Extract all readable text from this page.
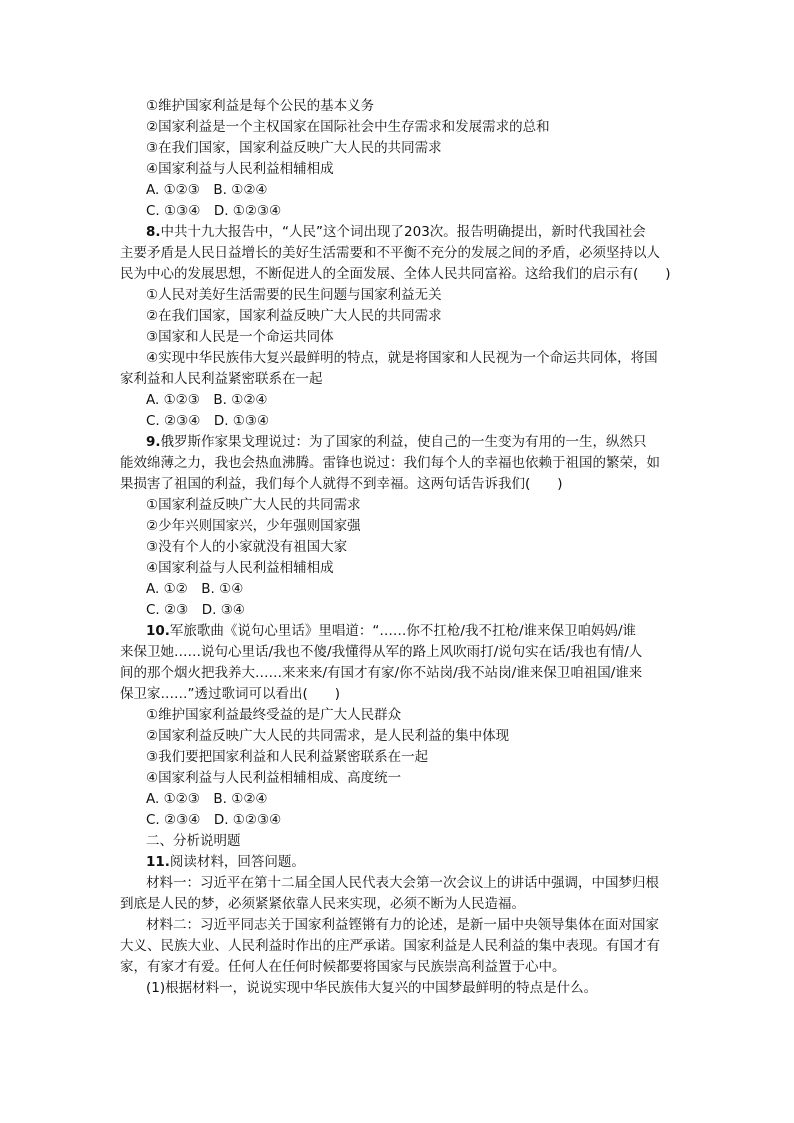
①维护国家利益是每个公民的基本义务
②国家利益是一个主权国家在国际社会中生存需求和发展需求的总和
③在我们国家，国家利益反映广大人民的共同需求
④国家利益与人民利益相辅相成
A. ①②③　B. ①②④
C. ①③④　D. ①②③④
8.中共十九大报告中，“人民”这个词出现了203次。报告明确提出，新时代我国社会
主要矛盾是人民日益增长的美好生活需要和不平衡不充分的发展之间的矛盾，必须坚持以人
民为中心的发展思想，不断促进人的全面发展、全体人民共同富裕。这给我们的启示有(　　)
①人民对美好生活需要的民生问题与国家利益无关
②在我们国家，国家利益反映广大人民的共同需求
③国家和人民是一个命运共同体
④实现中华民族伟大复兴最鲜明的特点，就是将国家和人民视为一个命运共同体，将国
家利益和人民利益紧密联系在一起
A. ①②③　B. ①②④
C. ②③④　D. ①③④
9.俄罗斯作家果戈理说过：为了国家的利益，使自己的一生变为有用的一生，纵然只
能效绵薄之力，我也会热血沸腾。雷锋也说过：我们每个人的幸福也依赖于祖国的繁荣，如
果损害了祖国的利益，我们每个人就得不到幸福。这两句话告诉我们(　　)
①国家利益反映广大人民的共同需求
②少年兴则国家兴，少年强则国家强
③没有个人的小家就没有祖国大家
④国家利益与人民利益相辅相成
A. ①②　B. ①④
C. ②③　D. ③④
10.军旅歌曲《说句心里话》里唱道：“……你不扛枪/我不扛枪/谁来保卫咱妈妈/谁
来保卫她……说句心里话/我也不傻/我懂得从军的路上风吹雨打/说句实在话/我也有情/人
间的那个烟火把我养大……来来来/有国才有家/你不站岗/我不站岗/谁来保卫咱祖国/谁来
保卫家……”透过歌词可以看出(　　)
①维护国家利益最终受益的是广大人民群众
②国家利益反映广大人民的共同需求，是人民利益的集中体现
③我们要把国家利益和人民利益紧密联系在一起
④国家利益与人民利益相辅相成、高度统一
A. ①②③　B. ①②④
C. ②③④　D. ①②③④
二、分析说明题
11.阅读材料，回答问题。
材料一：习近平在第十二届全国人民代表大会第一次会议上的讲话中强调，中国梦归根
到底是人民的梦，必须紧紧依靠人民来实现，必须不断为人民造福。
材料二：习近平同志关于国家利益铿锵有力的论述，是新一届中央领导集体在面对国家
大义、民族大业、人民利益时作出的庄严承诺。国家利益是人民利益的集中表现。有国才有
家，有家才有爱。任何人在任何时候都要将国家与民族崇高利益置于心中。
(1)根据材料一，说说实现中华民族伟大复兴的中国梦最鲜明的特点是什么。
